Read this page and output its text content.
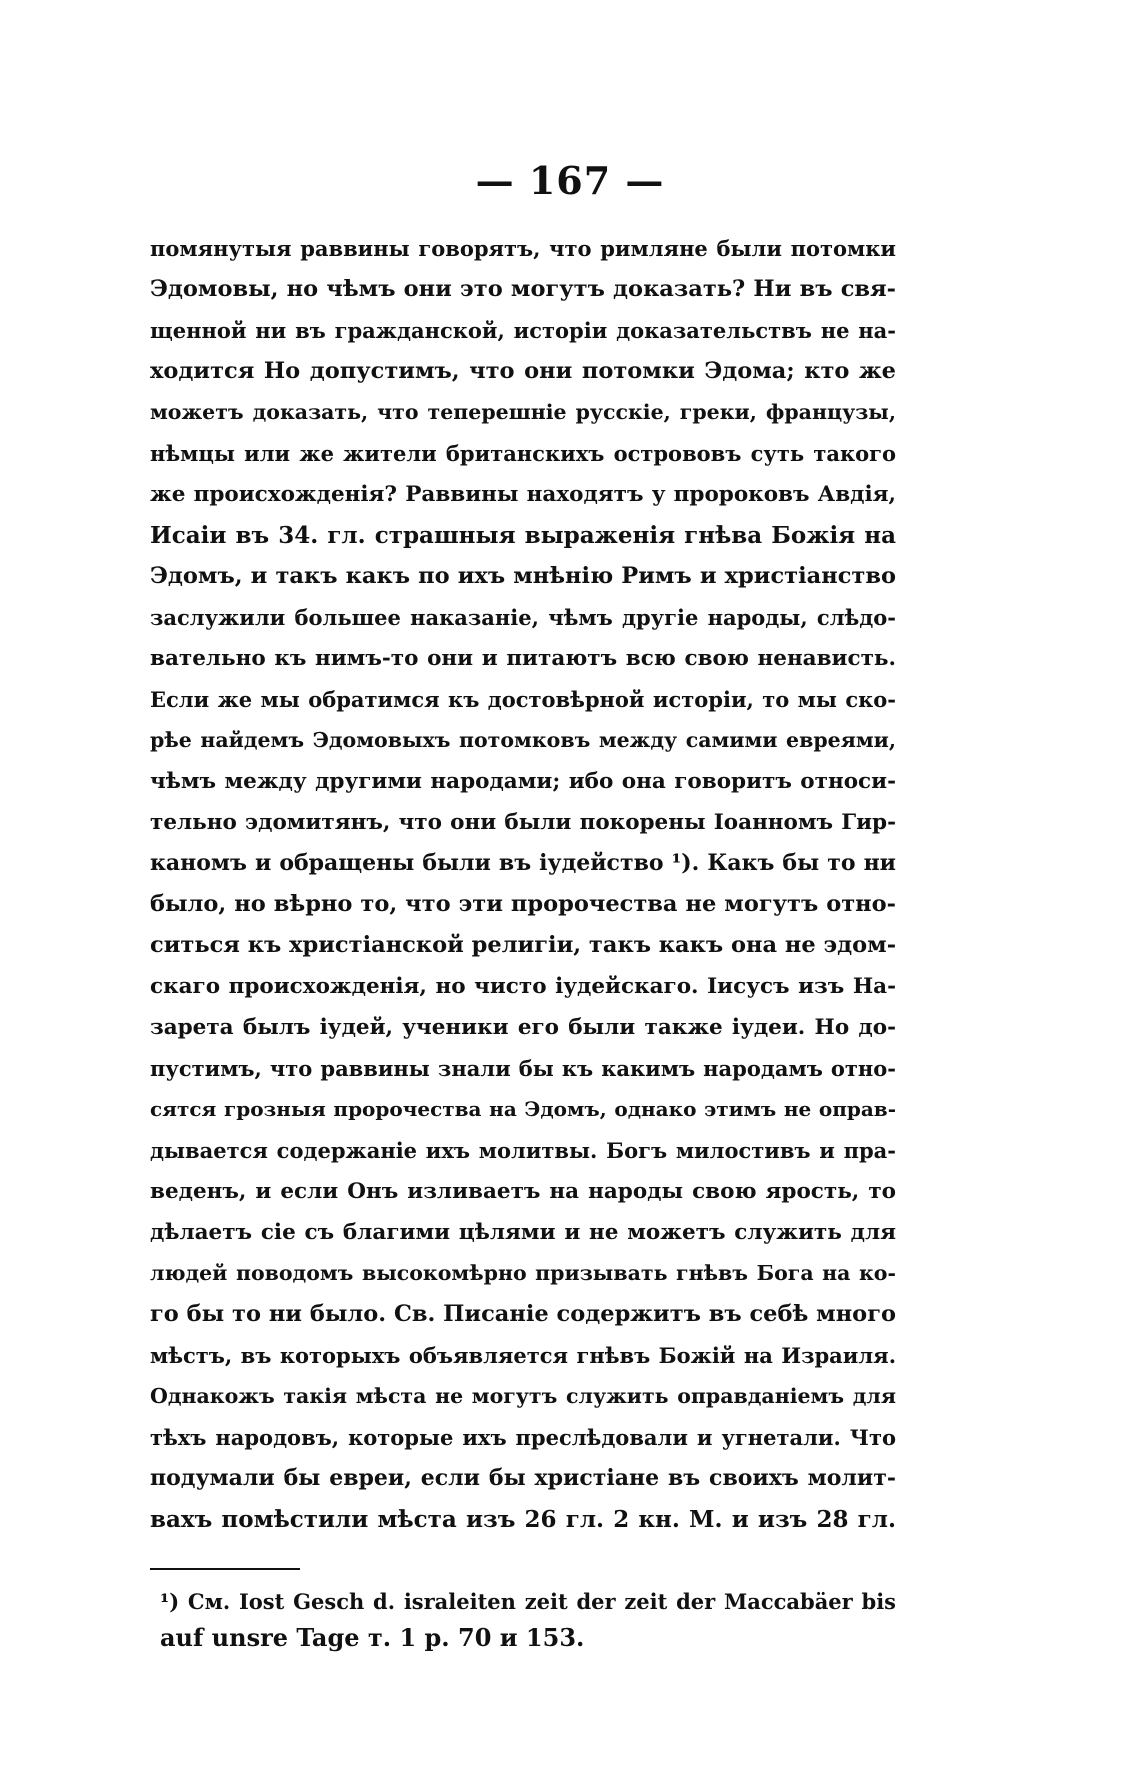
— 167 —
помянутыя раввины говорятъ, что римляне были потомки
Эдомовы, но чѣмъ они это могутъ доказать? Ни въ свя-
щенной ни въ гражданской, исторіи доказательствъ не на-
ходится Но допустимъ, что они потомки Эдома; кто же
можетъ доказать, что теперешніе русскіе, греки, французы,
нѣмцы или же жители британскихъ острововъ суть такого
же происхожденія? Раввины находятъ у пророковъ Авдія,
Исаіи въ 34. гл. страшныя выраженія гнѣва Божія на
Эдомъ, и такъ какъ по ихъ мнѣнію Римъ и христіанство
заслужили большее наказаніе, чѣмъ другіе народы, слѣдо-
вательно къ нимъ-то они и питаютъ всю свою ненависть.
Если же мы обратимся къ достовѣрной исторіи, то мы ско-
рѣе найдемъ Эдомовыхъ потомковъ между самими евреями,
чѣмъ между другими народами; ибо она говоритъ относи-
тельно эдомитянъ, что они были покорены Іоанномъ Гир-
каномъ и обращены были въ іудейство ¹). Какъ бы то ни
было, но вѣрно то, что эти пророчества не могутъ отно-
ситься къ христіанской религіи, такъ какъ она не эдом-
скаго происхожденія, но чисто іудейскаго. Іисусъ изъ На-
зарета былъ іудей, ученики его были также іудеи. Но до-
пустимъ, что раввины знали бы къ какимъ народамъ отно-
сятся грозныя пророчества на Эдомъ, однако этимъ не оправ-
дывается содержаніе ихъ молитвы. Богъ милостивъ и пра-
веденъ, и если Онъ изливаетъ на народы свою ярость, то
дѣлаетъ сіе съ благими цѣлями и не можетъ служить для
людей поводомъ высокомѣрно призывать гнѣвъ Бога на ко-
го бы то ни было. Св. Писаніе содержитъ въ себѣ много
мѣстъ, въ которыхъ объявляется гнѣвъ Божій на Израиля.
Однакожъ такія мѣста не могутъ служить оправданіемъ для
тѣхъ народовъ, которые ихъ преслѣдовали и угнетали. Что
подумали бы евреи, если бы христіане въ своихъ молит-
вахъ помѣстили мѣста изъ 26 гл. 2 кн. М. и изъ 28 гл.
¹) См. Iost Gesch d. israleiten zeit der zeit der Maccabäer bis
auf unsre Tage т. 1 р. 70 и 153.
